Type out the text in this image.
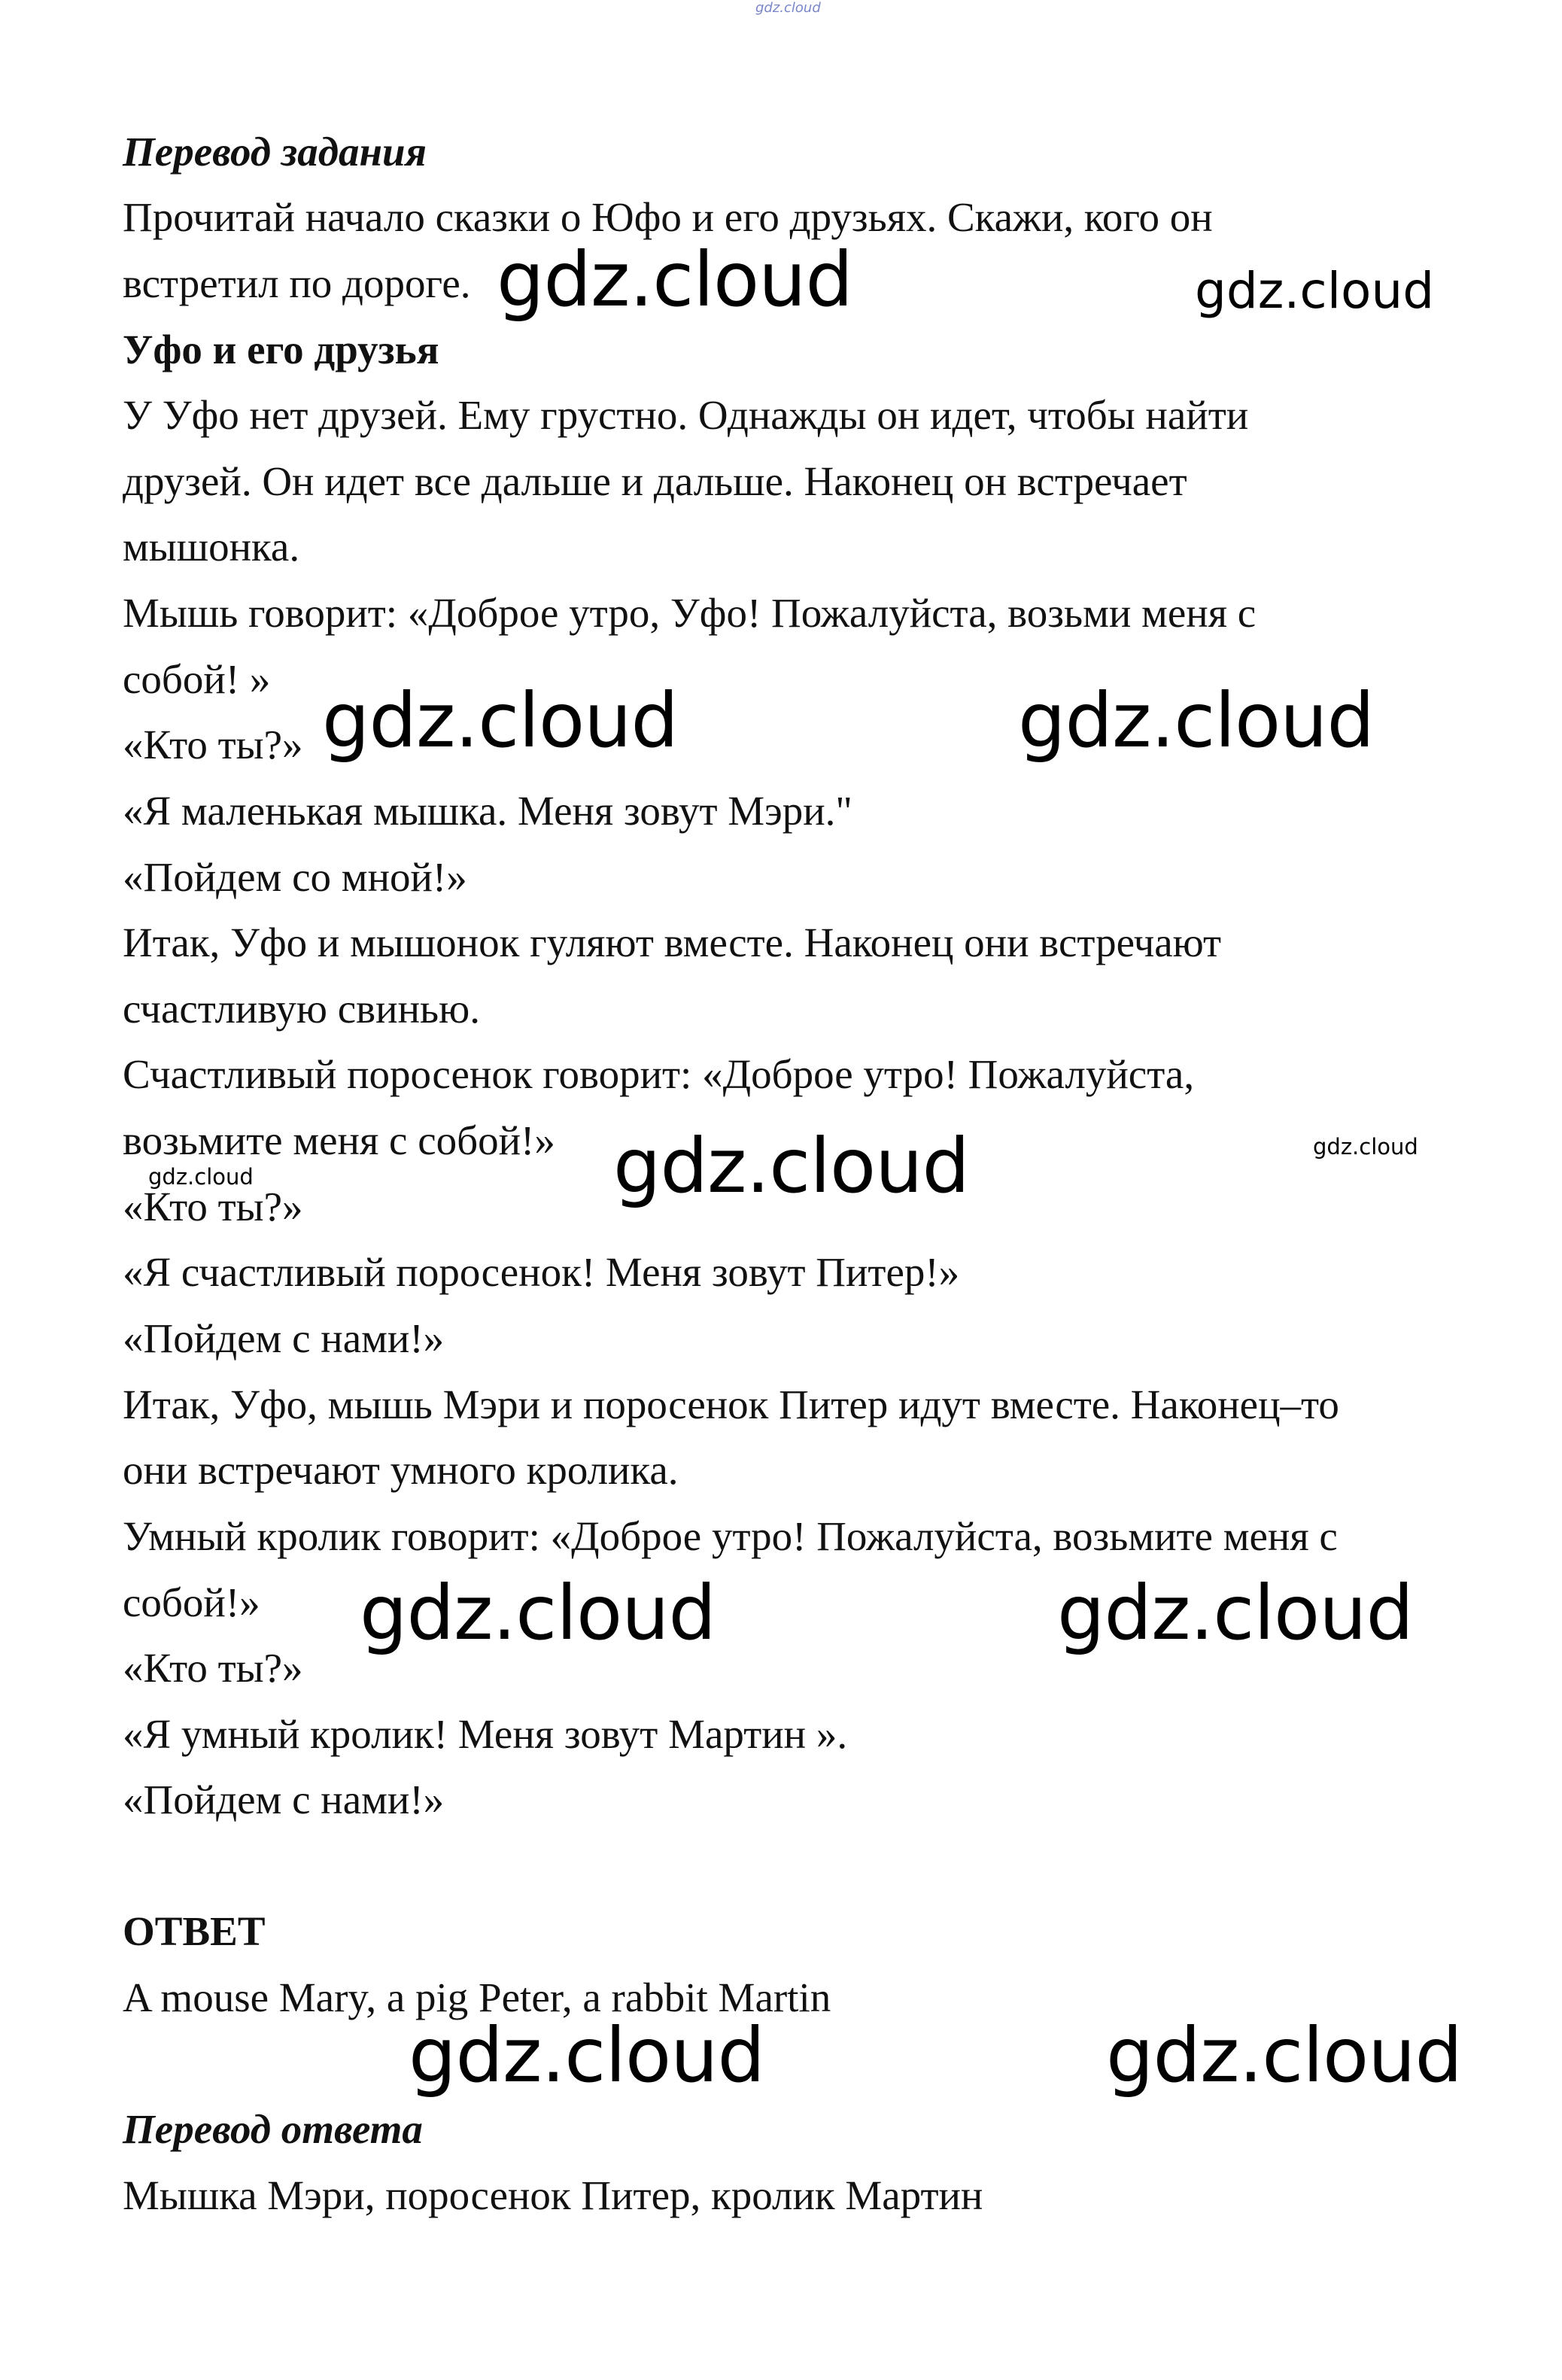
gdz.cloud

Перевод задания

Прочитай начало сказки о Юфо и его друзьях. Скажи, кого он

встретил по дороге.

Уфо и его друзья

У Уфо нет друзей. Ему грустно. Однажды он идет, чтобы найти

друзей. Он идет все дальше и дальше. Наконец он встречает

мышонка.

Мышь говорит: «Доброе утро, Уфо! Пожалуйста, возьми меня с

собой! »

«Кто ты?»

«Я маленькая мышка. Меня зовут Мэри."

«Пойдем со мной!»

Итак, Уфо и мышонок гуляют вместе. Наконец они встречают

счастливую свинью.

Счастливый поросенок говорит: «Доброе утро! Пожалуйста,

возьмите меня с собой!»

«Кто ты?»

«Я счастливый поросенок! Меня зовут Питер!»

«Пойдем с нами!»

Итак, Уфо, мышь Мэри и поросенок Питер идут вместе. Наконец–то

они встречают умного кролика.

Умный кролик говорит: «Доброе утро! Пожалуйста, возьмите меня с

собой!»

«Кто ты?»

«Я умный кролик! Меня зовут Мартин ».

«Пойдем с нами!»

ОТВЕТ

A mouse Mary, a pig Peter, a rabbit Martin

Перевод ответа

Мышка Мэри, поросенок Питер, кролик Мартин

gdz.cloud	gdz.cloud
gdz.cloud	gdz.cloud
gdz.cloud	gdz.cloud
gdz.cloud
gdz.cloud	gdz.cloud
gdz.cloud	gdz.cloud
